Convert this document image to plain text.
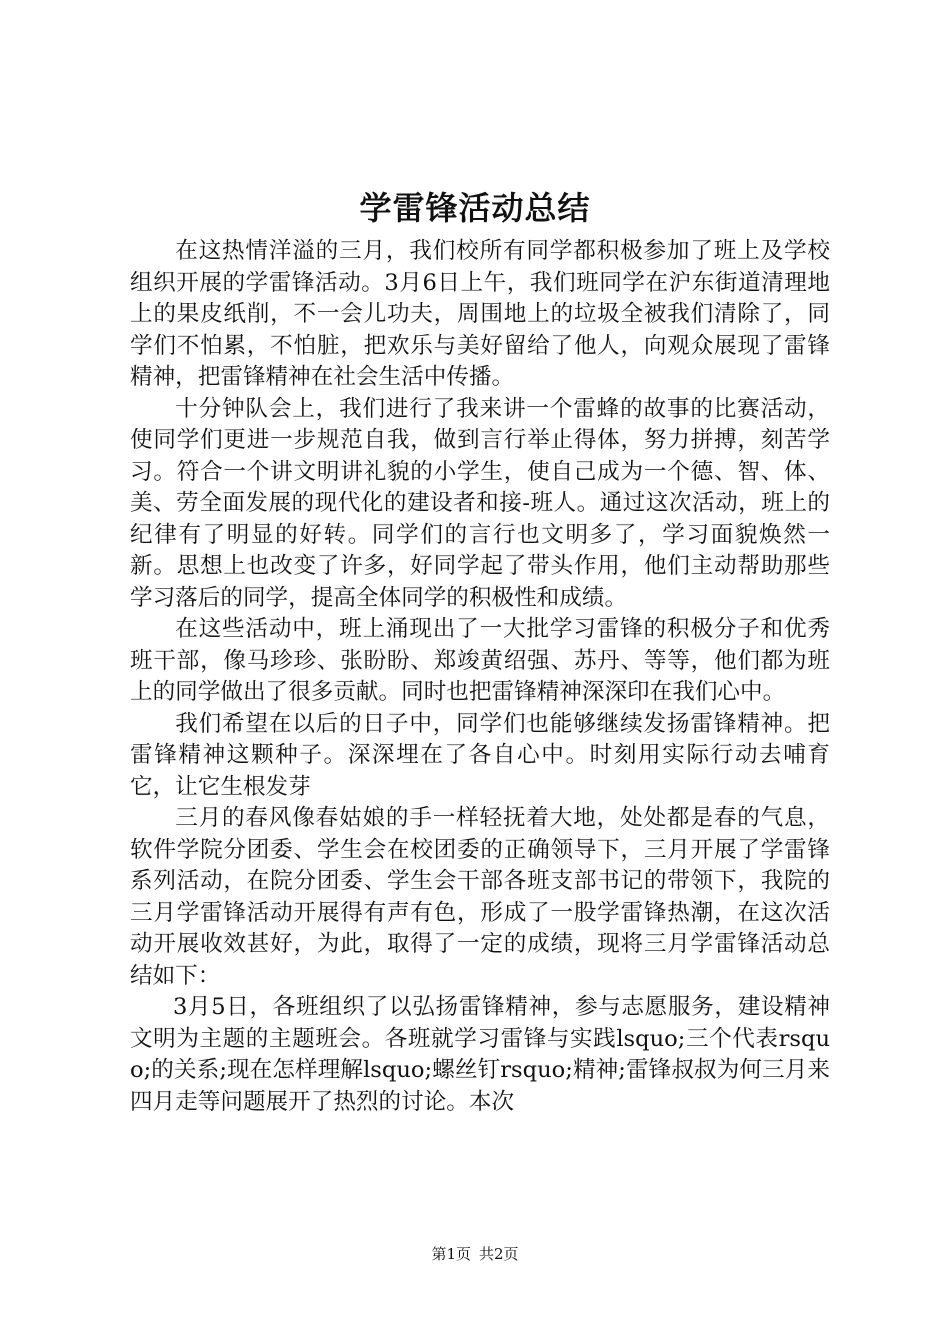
学雷锋活动总结

在这热情洋溢的三月，我们校所有同学都积极参加了班上及学校组织开展的学雷锋活动。3月6日上午，我们班同学在沪东街道清理地上的果皮纸削，不一会儿功夫，周围地上的垃圾全被我们清除了，同学们不怕累，不怕脏，把欢乐与美好留给了他人，向观众展现了雷锋精神，把雷锋精神在社会生活中传播。

十分钟队会上，我们进行了我来讲一个雷蜂的故事的比赛活动，使同学们更进一步规范自我，做到言行举止得体，努力拼搏，刻苦学习。符合一个讲文明讲礼貌的小学生，使自己成为一个德、智、体、美、劳全面发展的现代化的建设者和接-班人。通过这次活动，班上的纪律有了明显的好转。同学们的言行也文明多了，学习面貌焕然一新。思想上也改变了许多，好同学起了带头作用，他们主动帮助那些学习落后的同学，提高全体同学的积极性和成绩。

在这些活动中，班上涌现出了一大批学习雷锋的积极分子和优秀班干部，像马珍珍、张盼盼、郑竣黄绍强、苏丹、等等，他们都为班上的同学做出了很多贡献。同时也把雷锋精神深深印在我们心中。

我们希望在以后的日子中，同学们也能够继续发扬雷锋精神。把雷锋精神这颗种子。深深埋在了各自心中。时刻用实际行动去哺育它，让它生根发芽

三月的春风像春姑娘的手一样轻抚着大地，处处都是春的气息，软件学院分团委、学生会在校团委的正确领导下，三月开展了学雷锋系列活动，在院分团委、学生会干部各班支部书记的带领下，我院的三月学雷锋活动开展得有声有色，形成了一股学雷锋热潮，在这次活动开展收效甚好，为此，取得了一定的成绩，现将三月学雷锋活动总结如下：

3月5日，各班组织了以弘扬雷锋精神，参与志愿服务，建设精神文明为主题的主题班会。各班就学习雷锋与实践lsquo;三个代表rsquo;的关系;现在怎样理解lsquo;螺丝钉rsquo;精神;雷锋叔叔为何三月来四月走等问题展开了热烈的讨论。本次

第1页 共2页
